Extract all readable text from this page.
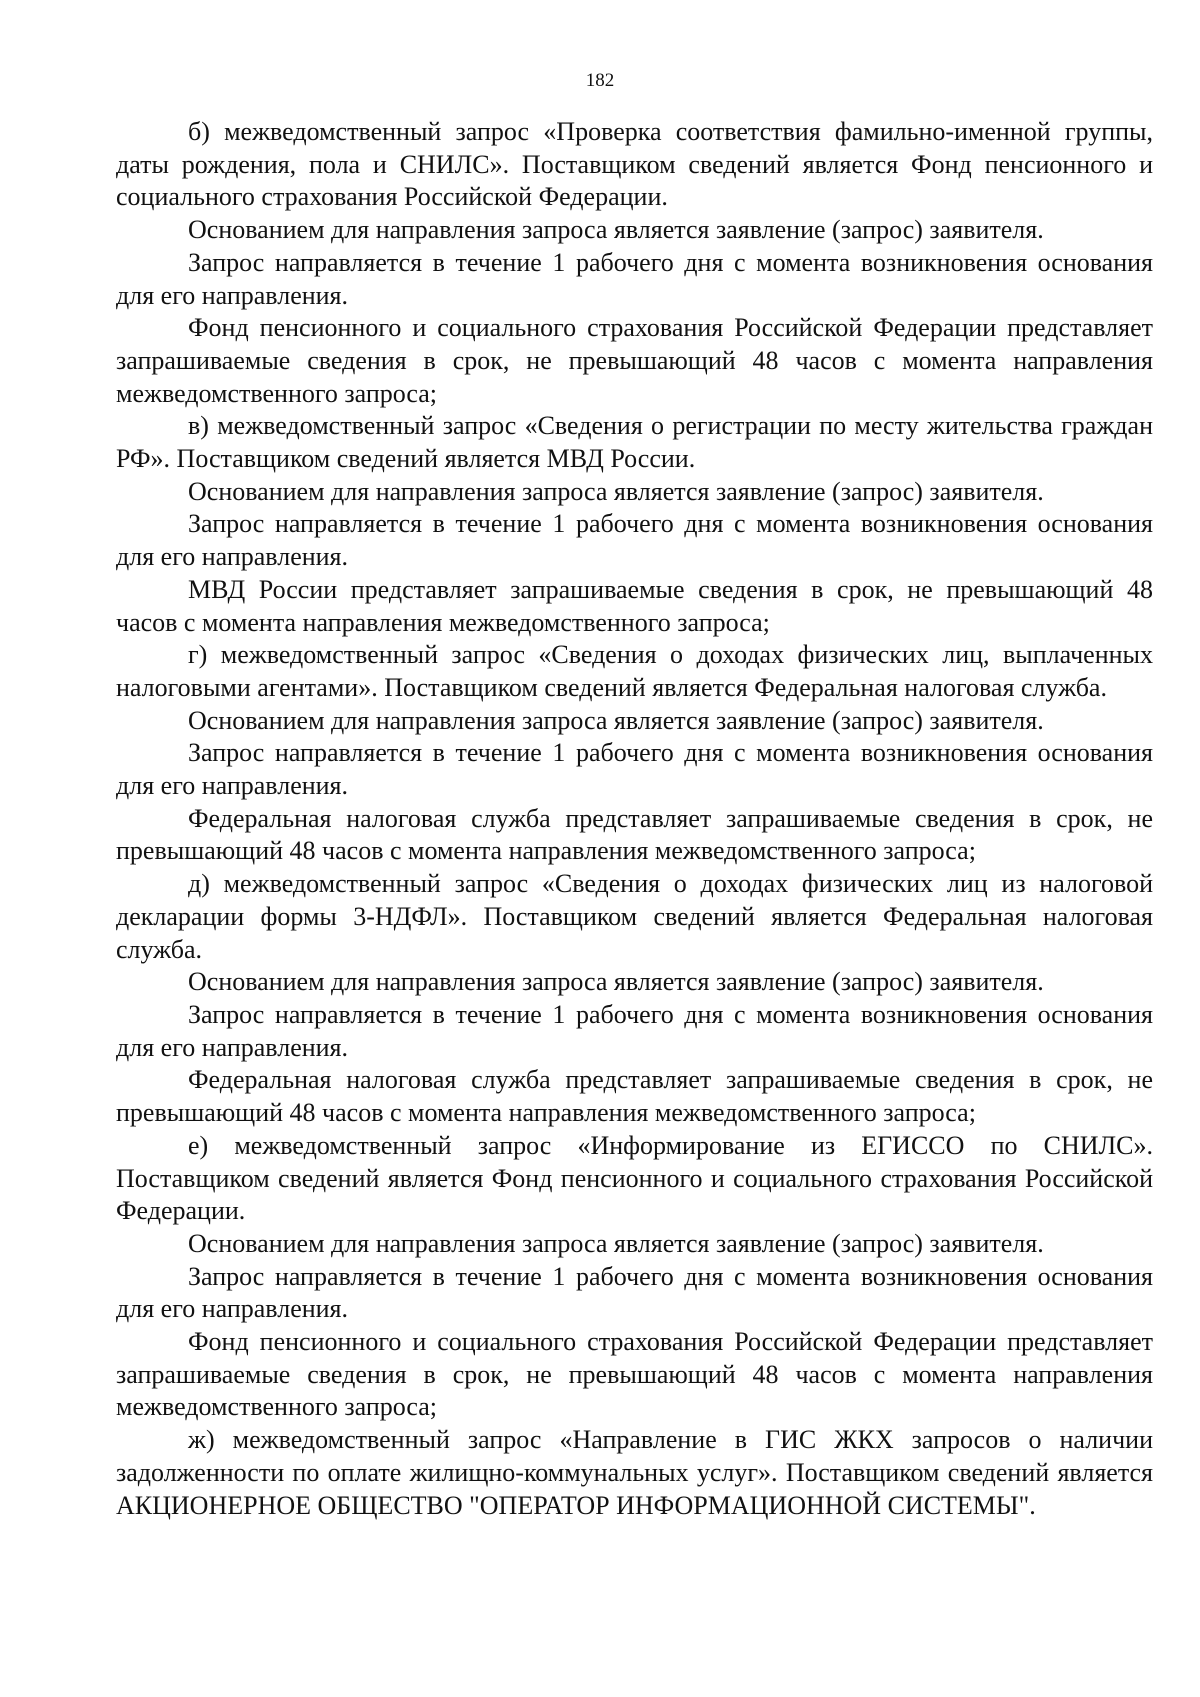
182

б) межведомственный запрос «Проверка соответствия фамильно-именной группы, даты рождения, пола и СНИЛС». Поставщиком сведений является Фонд пенсионного и социального страхования Российской Федерации.

Основанием для направления запроса является заявление (запрос) заявителя.

Запрос направляется в течение 1 рабочего дня с момента возникновения основания для его направления.

Фонд пенсионного и социального страхования Российской Федерации представляет запрашиваемые сведения в срок, не превышающий 48 часов с момента направления межведомственного запроса;

в) межведомственный запрос «Сведения о регистрации по месту жительства граждан РФ». Поставщиком сведений является МВД России.

Основанием для направления запроса является заявление (запрос) заявителя.

Запрос направляется в течение 1 рабочего дня с момента возникновения основания для его направления.

МВД России представляет запрашиваемые сведения в срок, не превышающий 48 часов с момента направления межведомственного запроса;

г) межведомственный запрос «Сведения о доходах физических лиц, выплаченных налоговыми агентами». Поставщиком сведений является Федеральная налоговая служба.

Основанием для направления запроса является заявление (запрос) заявителя.

Запрос направляется в течение 1 рабочего дня с момента возникновения основания для его направления.

Федеральная налоговая служба представляет запрашиваемые сведения в срок, не превышающий 48 часов с момента направления межведомственного запроса;

д) межведомственный запрос «Сведения о доходах физических лиц из налоговой декларации формы 3-НДФЛ». Поставщиком сведений является Федеральная налоговая служба.

Основанием для направления запроса является заявление (запрос) заявителя.

Запрос направляется в течение 1 рабочего дня с момента возникновения основания для его направления.

Федеральная налоговая служба представляет запрашиваемые сведения в срок, не превышающий 48 часов с момента направления межведомственного запроса;

е) межведомственный запрос «Информирование из ЕГИССО по СНИЛС». Поставщиком сведений является Фонд пенсионного и социального страхования Российской Федерации.

Основанием для направления запроса является заявление (запрос) заявителя.

Запрос направляется в течение 1 рабочего дня с момента возникновения основания для его направления.

Фонд пенсионного и социального страхования Российской Федерации представляет запрашиваемые сведения в срок, не превышающий 48 часов с момента направления межведомственного запроса;

ж) межведомственный запрос «Направление в ГИС ЖКХ запросов о наличии задолженности по оплате жилищно-коммунальных услуг». Поставщиком сведений является АКЦИОНЕРНОЕ ОБЩЕСТВО "ОПЕРАТОР ИНФОРМАЦИОННОЙ СИСТЕМЫ".
